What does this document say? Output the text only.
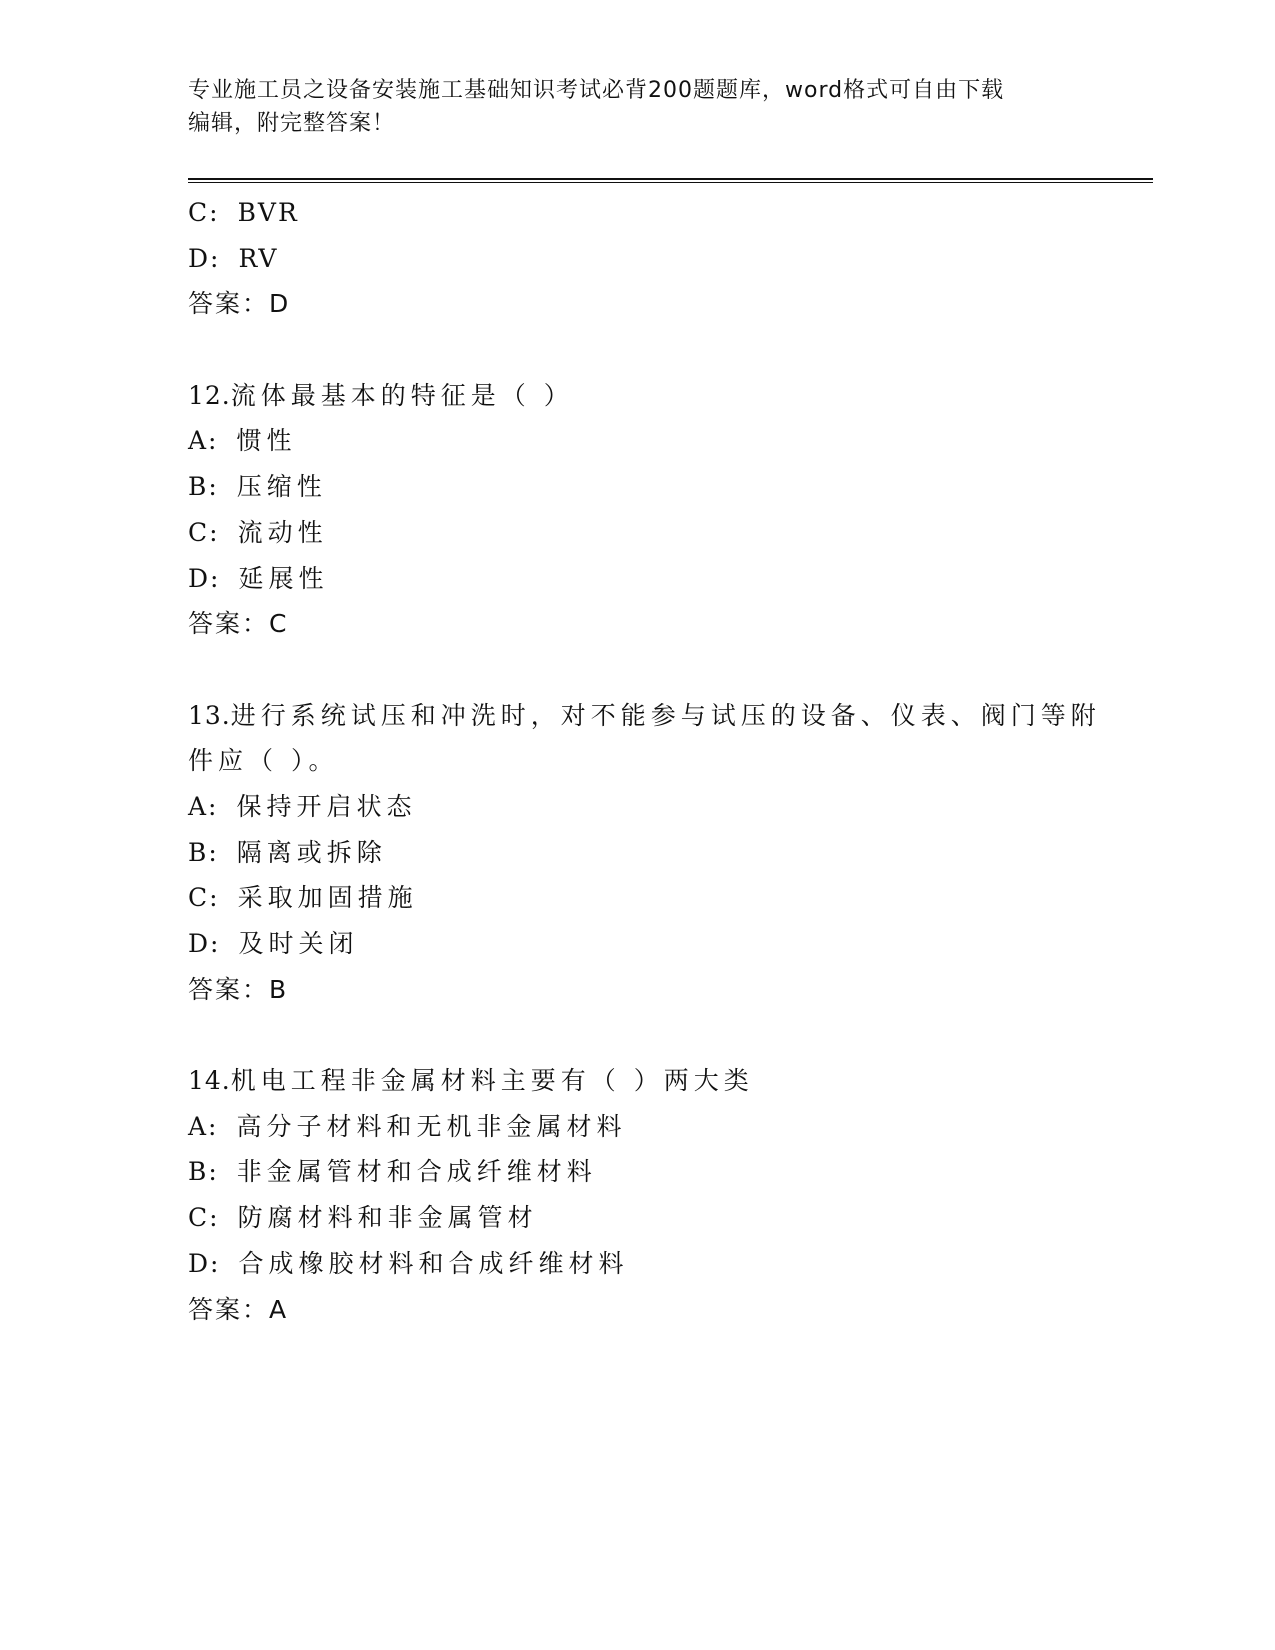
专业施工员之设备安装施工基础知识考试必背200题题库，word格式可自由下载
编辑，附完整答案！
C: BVR
D: RV
答案：D
12.流体最基本的特征是（ ）
A: 惯性
B: 压缩性
C: 流动性
D: 延展性
答案：C
13.进行系统试压和冲洗时，对不能参与试压的设备、仪表、阀门等附
件应（ ）。
A: 保持开启状态
B: 隔离或拆除
C: 采取加固措施
D: 及时关闭
答案：B
14.机电工程非金属材料主要有（ ）两大类
A: 高分子材料和无机非金属材料
B: 非金属管材和合成纤维材料
C: 防腐材料和非金属管材
D: 合成橡胶材料和合成纤维材料
答案：A
